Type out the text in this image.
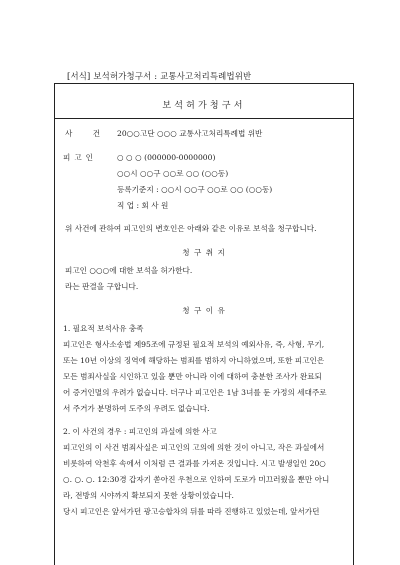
[서식] 보석허가청구서 : 교통사고처리특례법위반
보석허가청구서
사 건 20○○고단 ○○○ 교통사고처리특례법 위반
피고인	○ ○ ○ (000000-0000000)
○○시 ○○구 ○○로 ○○ (○○동)
등록기준지 : ○○시 ○○구 ○○로 ○○ (○○동)
직 업 : 회 사 원
위 사건에 관하여 피고인의 변호인은 아래와 같은 이유로 보석을 청구합니다.
청 구 취 지
피고인 ○○○에 대한 보석을 허가한다.
라는 판결을 구합니다.
청 구 이 유
1. 필요적 보석사유 충족
피고인은 형사소송법 제95조에 규정된 필요적 보석의 예외사유, 즉, 사형, 무기,
또는 10년 이상의 징역에 해당하는 범죄를 범하지 아니하였으며, 또한 피고인은
모든 범죄사실을 시인하고 있을 뿐만 아니라 이에 대하여 충분한 조사가 완료되
어 증거인멸의 우려가 없습니다. 더구나 피고인은 1남 3녀를 둔 가정의 세대주로
서 주거가 분명하여 도주의 우려도 없습니다.
2. 이 사건의 경우 : 피고인의 과실에 의한 사고
피고인의 이 사건 범죄사실은 피고인의 고의에 의한 것이 아니고, 작은 과실에서
비롯하여 악천후 속에서 이처럼 큰 결과를 가져온 것입니다. 시고 발생일인 20○
○. ○. ○. 12:30경 갑자기 쏟아진 우천으로 인하여 도로가 미끄러웠을 뿐만 아니
라, 전방의 시야까지 확보되지 못한 상황이었습니다.
당시 피고인은 앞서가던 광고승합차의 뒤를 따라 진행하고 있었는데, 앞서가던
